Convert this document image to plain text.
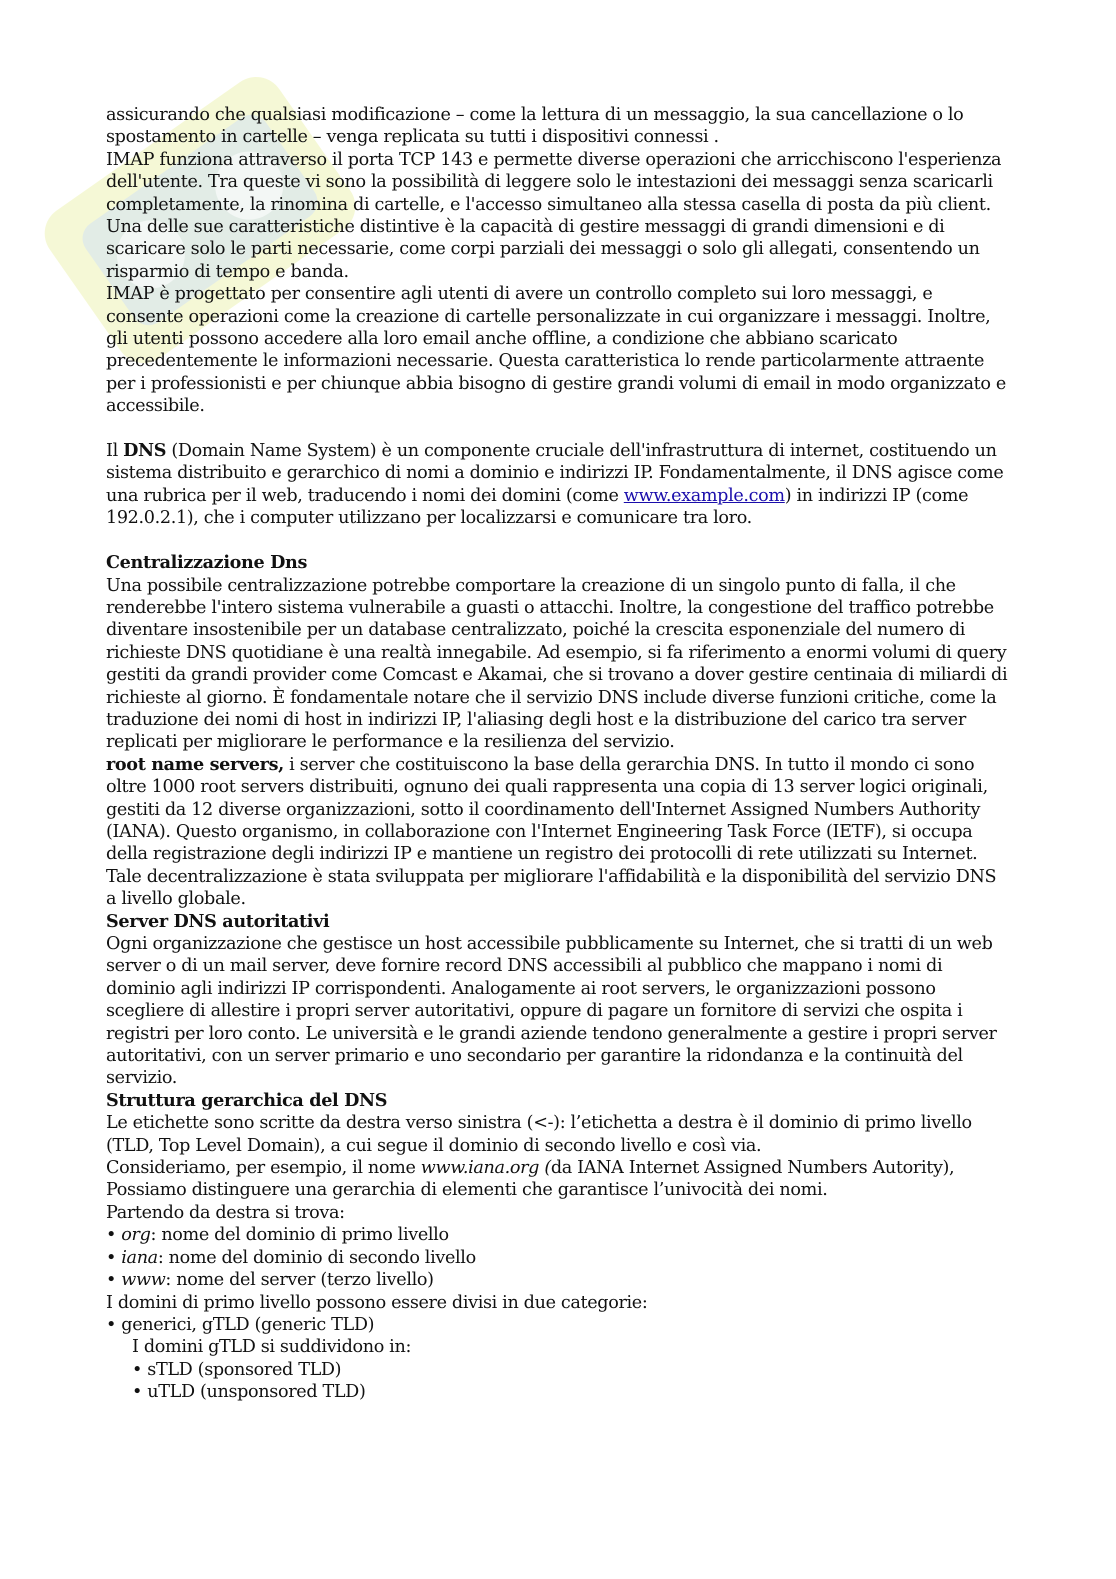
assicurando che qualsiasi modificazione – come la lettura di un messaggio, la sua cancellazione o lo spostamento in cartelle – venga replicata su tutti i dispositivi connessi .

IMAP funziona attraverso il porta TCP 143 e permette diverse operazioni che arricchiscono l'esperienza dell'utente. Tra queste vi sono la possibilità di leggere solo le intestazioni dei messaggi senza scaricarli completamente, la rinomina di cartelle, e l'accesso simultaneo alla stessa casella di posta da più client. Una delle sue caratteristiche distintive è la capacità di gestire messaggi di grandi dimensioni e di scaricare solo le parti necessarie, come corpi parziali dei messaggi o solo gli allegati, consentendo un risparmio di tempo e banda.

IMAP è progettato per consentire agli utenti di avere un controllo completo sui loro messaggi, e consente operazioni come la creazione di cartelle personalizzate in cui organizzare i messaggi. Inoltre, gli utenti possono accedere alla loro email anche offline, a condizione che abbiano scaricato precedentemente le informazioni necessarie. Questa caratteristica lo rende particolarmente attraente per i professionisti e per chiunque abbia bisogno di gestire grandi volumi di email in modo organizzato e accessibile.

Il DNS (Domain Name System) è un componente cruciale dell'infrastruttura di internet, costituendo un sistema distribuito e gerarchico di nomi a dominio e indirizzi IP. Fondamentalmente, il DNS agisce come una rubrica per il web, traducendo i nomi dei domini (come www.example.com) in indirizzi IP (come 192.0.2.1), che i computer utilizzano per localizzarsi e comunicare tra loro.

Centralizzazione Dns

Una possibile centralizzazione potrebbe comportare la creazione di un singolo punto di falla, il che renderebbe l'intero sistema vulnerabile a guasti o attacchi. Inoltre, la congestione del traffico potrebbe diventare insostenibile per un database centralizzato, poiché la crescita esponenziale del numero di richieste DNS quotidiane è una realtà innegabile. Ad esempio, si fa riferimento a enormi volumi di query gestiti da grandi provider come Comcast e Akamai, che si trovano a dover gestire centinaia di miliardi di richieste al giorno. È fondamentale notare che il servizio DNS include diverse funzioni critiche, come la traduzione dei nomi di host in indirizzi IP, l'aliasing degli host e la distribuzione del carico tra server replicati per migliorare le performance e la resilienza del servizio.

root name servers, i server che costituiscono la base della gerarchia DNS. In tutto il mondo ci sono oltre 1000 root servers distribuiti, ognuno dei quali rappresenta una copia di 13 server logici originali, gestiti da 12 diverse organizzazioni, sotto il coordinamento dell'Internet Assigned Numbers Authority (IANA). Questo organismo, in collaborazione con l'Internet Engineering Task Force (IETF), si occupa della registrazione degli indirizzi IP e mantiene un registro dei protocolli di rete utilizzati su Internet. Tale decentralizzazione è stata sviluppata per migliorare l'affidabilità e la disponibilità del servizio DNS a livello globale.

Server DNS autoritativi

Ogni organizzazione che gestisce un host accessibile pubblicamente su Internet, che si tratti di un web server o di un mail server, deve fornire record DNS accessibili al pubblico che mappano i nomi di dominio agli indirizzi IP corrispondenti. Analogamente ai root servers, le organizzazioni possono scegliere di allestire i propri server autoritativi, oppure di pagare un fornitore di servizi che ospita i registri per loro conto. Le università e le grandi aziende tendono generalmente a gestire i propri server autoritativi, con un server primario e uno secondario per garantire la ridondanza e la continuità del servizio.

Struttura gerarchica del DNS

Le etichette sono scritte da destra verso sinistra (<-): l’etichetta a destra è il dominio di primo livello (TLD, Top Level Domain), a cui segue il dominio di secondo livello e così via.

Consideriamo, per esempio, il nome www.iana.org (da IANA Internet Assigned Numbers Autority), Possiamo distinguere una gerarchia di elementi che garantisce l’univocità dei nomi.

Partendo da destra si trova:

• org: nome del dominio di primo livello

• iana: nome del dominio di secondo livello

• www: nome del server (terzo livello)

I domini di primo livello possono essere divisi in due categorie:

• generici, gTLD (generic TLD)

I domini gTLD si suddividono in:

• sTLD (sponsored TLD)

• uTLD (unsponsored TLD)
